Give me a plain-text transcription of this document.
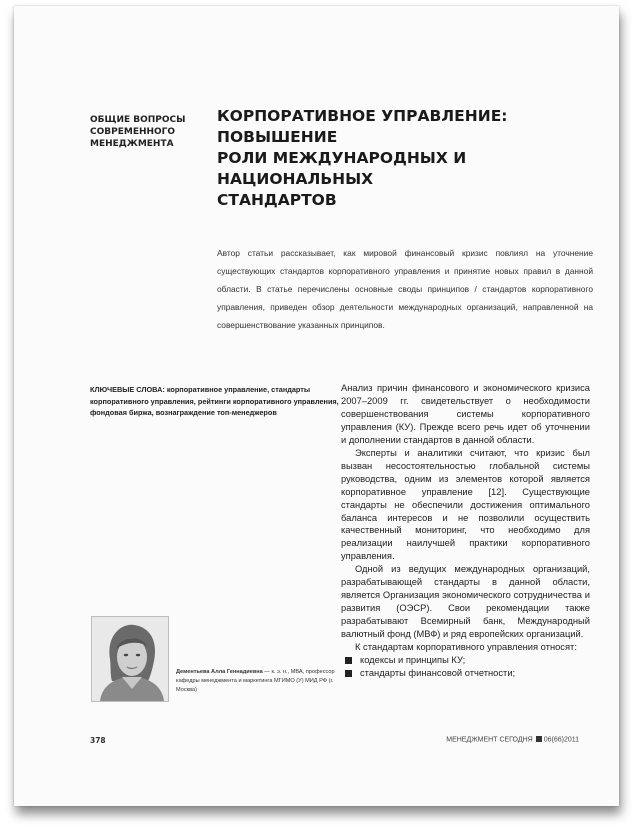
ОБЩИЕ ВОПРОСЫ
СОВРЕМЕННОГО
МЕНЕДЖМЕНТА
КОРПОРАТИВНОЕ УПРАВЛЕНИЕ: ПОВЫШЕНИЕ
РОЛИ МЕЖДУНАРОДНЫХ И НАЦИОНАЛЬНЫХ
СТАНДАРТОВ
Автор статьи рассказывает, как мировой финансовый кризис повлиял на уточнение существующих стандартов корпоративного управления и принятие новых правил в данной области. В статье перечислены основные своды принципов / стандартов корпоративного управления, приведен обзор деятельности международных организаций, направленной на совершенствование указанных принципов.
КЛЮЧЕВЫЕ СЛОВА: корпоративное управление, стандарты корпоративного управления, рейтинги корпоративного управления, фондовая биржа, вознаграждение топ-менеджеров

Анализ причин финансового и экономического кризиса 2007–2009 гг. свидетельствует о необходимости совершенствования системы корпоративного управления (КУ). Прежде всего речь идет об уточнении и дополнении стандартов в данной области.

Эксперты и аналитики считают, что кризис был вызван несостоятельностью глобальной системы руководства, одним из элементов которой является корпоративное управление [12]. Существующие стандарты не обеспечили достижения оптимального баланса интересов и не позволили осуществить качественный мониторинг, что необходимо для реализации наилучшей практики корпоративного управления.

Одной из ведущих международных организаций, разрабатывающей стандарты в данной области, является Организация экономического сотрудничества и развития (ОЭСР). Свои рекомендации также разрабатывают Всемирный банк, Международный валютный фонд (МВФ) и ряд европейских организаций.

К стандартам корпоративного управления относят:

кодексы и принципы КУ;
стандарты финансовой отчетности;
Дементьева Алла Геннадиевна — к. э. н., МВА, профессор кафедры менеджмента и маркетинга МГИМО (У) МИД РФ (г. Москва)
378	МЕНЕДЖМЕНТ СЕГОДНЯ 06(66)2011
